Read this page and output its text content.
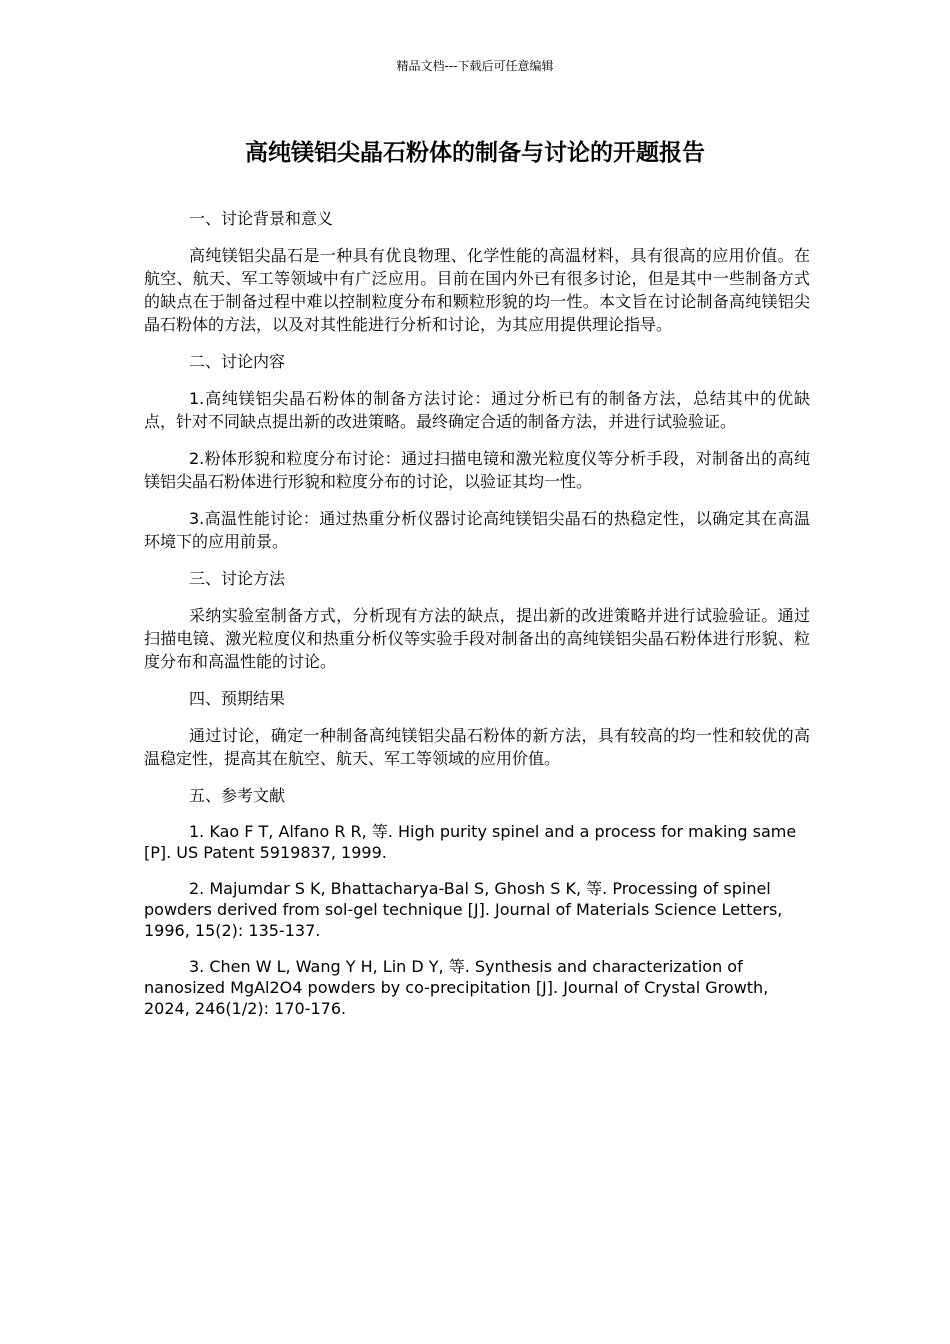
精品文档---下载后可任意编辑
高纯镁铝尖晶石粉体的制备与讨论的开题报告

一、讨论背景和意义

高纯镁铝尖晶石是一种具有优良物理、化学性能的高温材料，具有很高的应用价值。在航空、航天、军工等领域中有广泛应用。目前在国内外已有很多讨论，但是其中一些制备方式的缺点在于制备过程中难以控制粒度分布和颗粒形貌的均一性。本文旨在讨论制备高纯镁铝尖晶石粉体的方法，以及对其性能进行分析和讨论，为其应用提供理论指导。

二、讨论内容

1.高纯镁铝尖晶石粉体的制备方法讨论：通过分析已有的制备方法，总结其中的优缺点，针对不同缺点提出新的改进策略。最终确定合适的制备方法，并进行试验验证。

2.粉体形貌和粒度分布讨论：通过扫描电镜和激光粒度仪等分析手段，对制备出的高纯镁铝尖晶石粉体进行形貌和粒度分布的讨论，以验证其均一性。

3.高温性能讨论：通过热重分析仪器讨论高纯镁铝尖晶石的热稳定性，以确定其在高温环境下的应用前景。

三、讨论方法

采纳实验室制备方式，分析现有方法的缺点，提出新的改进策略并进行试验验证。通过扫描电镜、激光粒度仪和热重分析仪等实验手段对制备出的高纯镁铝尖晶石粉体进行形貌、粒度分布和高温性能的讨论。

四、预期结果

通过讨论，确定一种制备高纯镁铝尖晶石粉体的新方法，具有较高的均一性和较优的高温稳定性，提高其在航空、航天、军工等领域的应用价值。

五、参考文献

1. Kao F T, Alfano R R, 等. High purity spinel and a process for making same [P]. US Patent 5919837, 1999.

2. Majumdar S K, Bhattacharya-Bal S, Ghosh S K, 等. Processing of spinel powders derived from sol-gel technique [J]. Journal of Materials Science Letters, 1996, 15(2): 135-137.

3. Chen W L, Wang Y H, Lin D Y, 等. Synthesis and characterization of nanosized MgAl2O4 powders by co-precipitation [J]. Journal of Crystal Growth, 2024, 246(1/2): 170-176.
